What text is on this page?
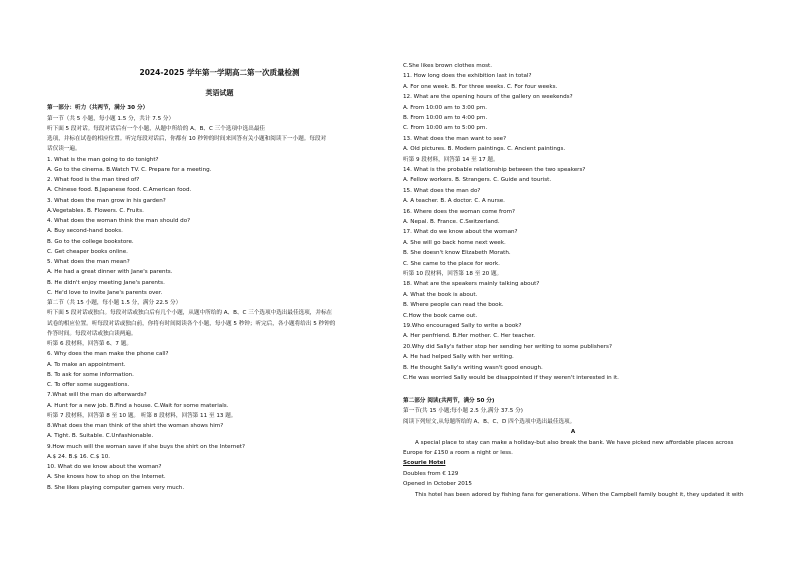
2024-2025 学年第一学期高二第一次质量检测

英语试题

第一部分：听力（共两节，满分 30 分）

第一节（共 5 小题，每小题 1.5 分，共计 7.5 分）

听下面 5 段对话。每段对话后有一个小题，从题中所给的 A、B、C 三个选项中选出最佳

选项，并标在试卷的相应位置。听完每段对话后，你都有 10 秒钟的时间来回答有关小题和阅读下一小题。每段对

话仅读一遍。

1. What is the man going to do tonight?

A. Go to the cinema. B.Watch TV. C. Prepare for a meeting.

2. What food is the man tired of?

A. Chinese food. B.Japanese food. C.American food.

3. What does the man grow in his garden?

A.Vegetables. B. Flowers. C. Fruits.

4. What does the woman think the man should do?

A. Buy second-hand books.

B. Go to the college bookstore.

C. Get cheaper books online.

5. What does the man mean?

A. He had a great dinner with Jane's parents.

B. He didn't enjoy meeting Jane's parents.

C. He'd love to invite Jane's parents over.

第二节（共 15 小题，每小题 1.5 分，满分 22.5 分）

听下面 5 段对话或独白。每段对话或独白后有几个小题，从题中所给的 A、B、C 三个选项中选出最佳选项，并标在

试卷的相应位置。听每段对话或独白前，你将有时间阅读各个小题，每小题 5 秒钟；听完后，各小题将给出 5 秒钟的

作答时间。每段对话或独白读两遍。

听第 6 段材料，回答第 6、7 题。

6. Why does the man make the phone call?

A. To make an appointment.

B. To ask for some information.

C. To offer some suggestions.

7.What will the man do afterwards?

A. Hunt for a new job. B.Find a house. C.Wait for some materials.

听第 7 段材料，回答第 8 至 10 题。 听第 8 段材料，回答第 11 至 13 题。

8.What does the man think of the shirt the woman shows him?

A. Tight. B. Suitable. C.Unfashionable.

9.How much will the woman save if she buys the shirt on the Internet?

A.$ 24. B.$ 16. C.$ 10.

10. What do we know about the woman?

A. She knows how to shop on the Internet.

B. She likes playing computer games very much.

C.She likes brown clothes most.

11. How long does the exhibition last in total?

A. For one week. B. For three weeks. C. For four weeks.

12. What are the opening hours of the gallery on weekends?

A. From 10:00 am to 3:00 pm.

B. From 10:00 am to 4:00 pm.

C. From 10:00 am to 5:00 pm.

13. What does the man want to see?

A. Old pictures. B. Modern paintings. C. Ancient paintings.

听第 9 段材料，回答第 14 至 17 题。

14. What is the probable relationship between the two speakers?

A. Fellow workers. B. Strangers. C. Guide and tourist.

15. What does the man do?

A. A teacher. B. A doctor. C. A nurse.

16. Where does the woman come from?

A. Nepal. B. France. C.Switzerland.

17. What do we know about the woman?

A. She will go back home next week.

B. She doesn't know Elizabeth Morath.

C. She came to the place for work.

听第 10 段材料，回答第 18 至 20 题。

18. What are the speakers mainly talking about?

A. What the book is about.

B. Where people can read the book.

C.How the book came out.

19.Who encouraged Sally to write a book?

A. Her penfriend. B.Her mother. C. Her teacher.

20.Why did Sally's father stop her sending her writing to some publishers?

A. He had helped Sally with her writing.

B. He thought Sally's writing wasn't good enough.

C.He was worried Sally would be disappointed if they weren't interested in it.

第二部分 阅读(共两节，满分 50 分)

第一节(共 15 小题;每小题 2.5 分,满分 37.5 分)

阅读下列短文,从每题所给的 A、B、C、D 四个选项中选出最佳选项。

A

A special place to stay can make a holiday-but also break the bank. We have picked new affordable places across

Europe for £150 a room a night or less.

Scourie Hotel

Doubles from € 129

Opened in October 2015

This hotel has been adored by fishing fans for generations. When the Campbell family bought it, they updated it with
